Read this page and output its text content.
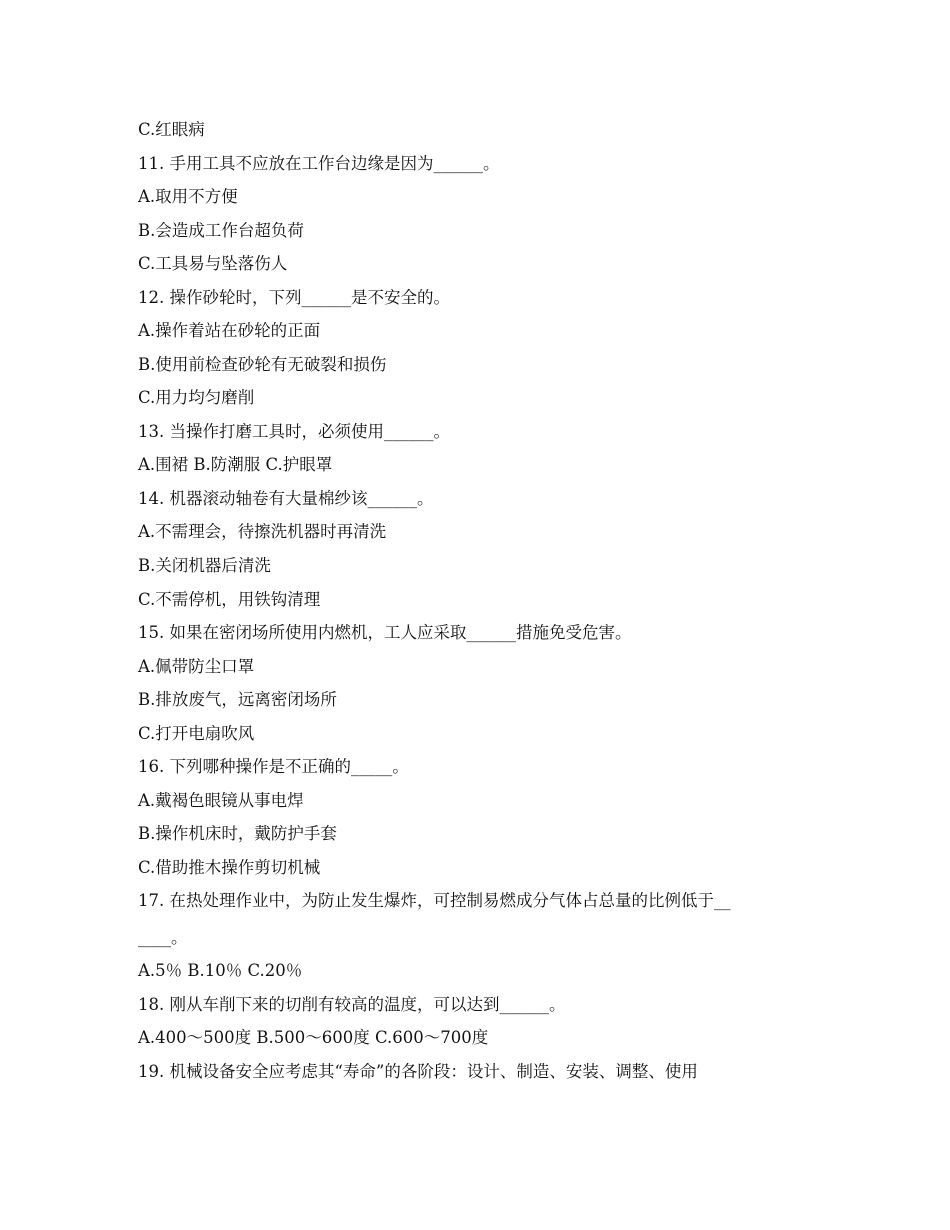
C.红眼病
11. 手用工具不应放在工作台边缘是因为______。
A.取用不方便
B.会造成工作台超负荷
C.工具易与坠落伤人
12. 操作砂轮时，下列______是不安全的。
A.操作着站在砂轮的正面
B.使用前检查砂轮有无破裂和损伤
C.用力均匀磨削
13. 当操作打磨工具时，必须使用______。
A.围裙 B.防潮服 C.护眼罩
14. 机器滚动轴卷有大量棉纱该______。
A.不需理会，待擦洗机器时再清洗
B.关闭机器后清洗
C.不需停机，用铁钩清理
15. 如果在密闭场所使用内燃机，工人应采取______措施免受危害。
A.佩带防尘口罩
B.排放废气，远离密闭场所
C.打开电扇吹风
16. 下列哪种操作是不正确的_____。
A.戴褐色眼镜从事电焊
B.操作机床时，戴防护手套
C.借助推木操作剪切机械
17. 在热处理作业中，为防止发生爆炸，可控制易燃成分气体占总量的比例低于__
____。
A.5％ B.10％ C.20％
18. 刚从车削下来的切削有较高的温度，可以达到______。
A.400～500度 B.500～600度 C.600～700度
19. 机械设备安全应考虑其“寿命”的各阶段：设计、制造、安装、调整、使用
